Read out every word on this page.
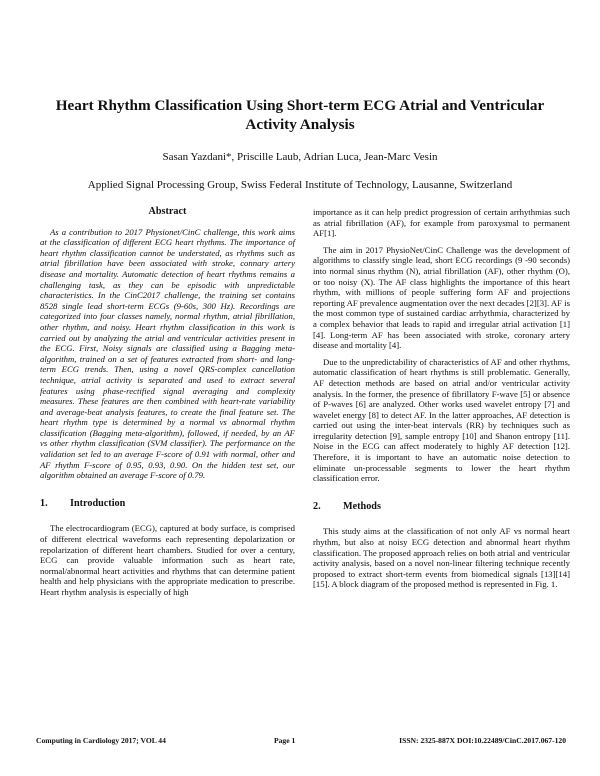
Heart Rhythm Classification Using Short-term ECG Atrial and Ventricular Activity Analysis
Sasan Yazdani*, Priscille Laub, Adrian Luca, Jean-Marc Vesin
Applied Signal Processing Group, Swiss Federal Institute of Technology, Lausanne, Switzerland
Abstract

As a contribution to 2017 Physionet/CinC challenge, this work aims at the classification of different ECG heart rhythms. The importance of heart rhythm classification cannot be understated, as rhythms such as atrial fibrillation have been associated with stroke, connary artery disease and mortality. Automatic detection of heart rhythms remains a challenging task, as they can be episodic with unpredictable characteristics. In the CinC2017 challenge, the training set contains 8528 single lead short-term ECGs (9-60s, 300 Hz). Recordings are categorized into four classes namely, normal rhythm, atrial fibrillation, other rhythm, and noisy. Heart rhythm classification in this work is carried out by analyzing the atrial and ventricular activities present in the ECG. First, Noisy signals are classified using a Bagging meta-algorithm, trained on a set of features extracted from short- and long-term ECG trends. Then, using a novel QRS-complex cancellation technique, atrial activity is separated and used to extract several features using phase-rectified signal averaging and complexity measures. These features are then combined with heart-rate variability and average-beat analysis features, to create the final feature set. The heart rhythm type is determined by a normal vs abnormal rhythm classification (Bagging meta-algorithm), followed, if needed, by an AF vs other rhythm classification (SVM classifier). The performance on the validation set led to an average F-score of 0.91 with normal, other and AF rhythm F-score of 0.95, 0.93, 0.90. On the hidden test set, our algorithm obtained an average F-score of 0.79.

1. Introduction

The electrocardiogram (ECG), captured at body surface, is comprised of different electrical waveforms each representing depolarization or repolarization of different heart chambers. Studied for over a century, ECG can provide valuable information such as heart rate, normal/abnormal heart activities and rhythms that can determine patient health and help physicians with the appropriate medication to prescribe. Heart rhythm analysis is especially of high

importance as it can help predict progression of certain arrhythmias such as atrial fibrillation (AF), for example from paroxysmal to permanent AF[1].

The aim in 2017 PhysioNet/CinC Challenge was the development of algorithms to classify single lead, short ECG recordings (9 -90 seconds) into normal sinus rhythm (N), atrial fibrillation (AF), other rhythm (O), or too noisy (X). The AF class highlights the importance of this heart rhythm, with millions of people suffering form AF and projections reporting AF prevalence augmentation over the next decades [2][3]. AF is the most common type of sustained cardiac arrhythmia, characterized by a complex behavior that leads to rapid and irregular atrial activation [1][4]. Long-term AF has been associated with stroke, coronary artery disease and mortality [4].

Due to the unpredictability of characteristics of AF and other rhythms, automatic classification of heart rhythms is still problematic. Generally, AF detection methods are based on atrial and/or ventricular activity analysis. In the former, the presence of fibrillatory F-wave [5] or absence of P-waves [6] are analyzed. Other works used wavelet entropy [7] and wavelet energy [8] to detect AF. In the latter approaches, AF detection is carried out using the inter-beat intervals (RR) by techniques such as irregularity detection [9], sample entropy [10] and Shanon entropy [11]. Noise in the ECG can affect moderately to highly AF detection [12]. Therefore, it is important to have an automatic noise detection to eliminate un-processable segments to lower the heart rhythm classification error.

2. Methods

This study aims at the classification of not only AF vs normal heart rhythm, but also at noisy ECG detection and abnormal heart rhythm classification. The proposed approach relies on both atrial and ventricular activity analysis, based on a novel non-linear filtering technique recently proposed to extract short-term events from biomedical signals [13][14][15]. A block diagram of the proposed method is represented in Fig. 1.

Computing in Cardiology 2017; VOL 44	Page 1	ISSN: 2325-887X DOI:10.22489/CinC.2017.067-120
